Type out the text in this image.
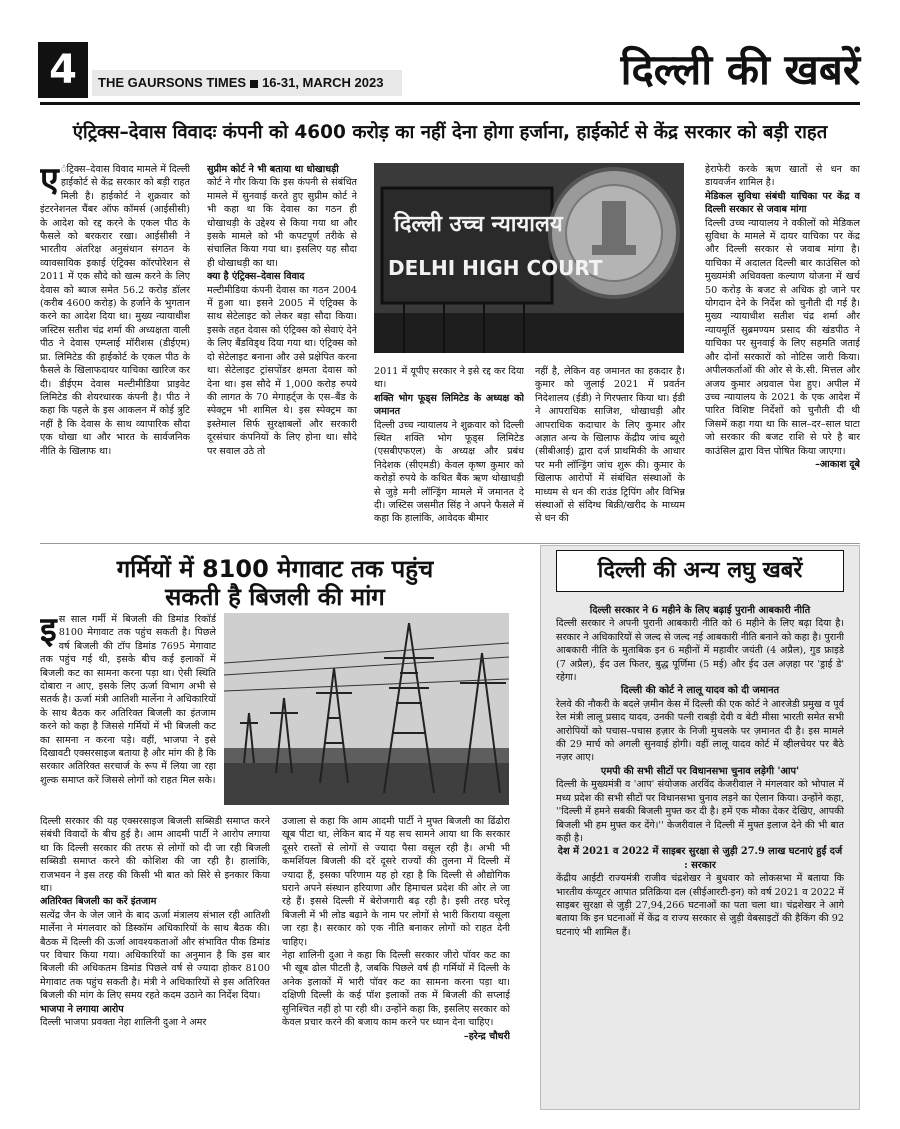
4	THE GAURSONS TIMES 16-31, MARCH 2023	दिल्ली की खबरें
एंट्रिक्स–देवास विवादः कंपनी को 4600 करोड़ का नहीं देना होगा हर्जाना, हाईकोर्ट से केंद्र सरकार को बड़ी राहत
ए ंट्रिक्स–देवास विवाद मामले में दिल्ली हाईकोर्ट से केंद्र सरकार को बड़ी राहत मिली है। हाईकोर्ट ने शुक्रवार को इंटरनेशनल चैंबर ऑफ कॉमर्स (आईसीसी) के आदेश को रद्द करने के एकल पीठ के फैसले को बरकरार रखा। आईसीसी ने भारतीय अंतरिक्ष अनुसंधान संगठन के व्यावसायिक इकाई एंट्रिक्स कॉरपोरेशन से 2011 में एक सौदे को खत्म करने के लिए देवास को ब्याज समेत 56.2 करोड़ डॉलर (करीब 4600 करोड़) के हर्जाने के भुगतान करने का आदेश दिया था। मुख्य न्यायाधीश जस्टिस सतीश चंद्र शर्मा की अध्यक्षता वाली पीठ ने देवास एम्प्लाई मॉरीशस (डीईएम) प्रा. लिमिटेड की हाईकोर्ट के एकल पीठ के फैसले के खिलाफदायर याचिका खारिज कर दी। डीईएम देवास मल्टीमीडिया प्राइवेट लिमिटेड की शेयरधारक कंपनी है। पीठ ने कहा कि पहले के इस आकलन में कोई त्रुटि नहीं है कि देवास के साथ व्यापारिक सौदा एक धोखा था और भारत के सार्वजनिक नीति के खिलाफ था।

सुप्रीम कोर्ट ने भी बताया था धोखाधड़ी

कोर्ट ने गौर किया कि इस कंपनी से संबंधित मामले में सुनवाई करते हुए सुप्रीम कोर्ट ने भी कहा था कि देवास का गठन ही धोखाधड़ी के उद्देश्य से किया गया था और इसके मामले को भी कपटपूर्ण तरीके से संचालित किया गया था। इसलिए यह सौदा ही धोखाधड़ी का था।

क्या है एंट्रिक्स–देवास विवाद

मल्टीमीडिया कंपनी देवास का गठन 2004 में हुआ था। इसने 2005 में एंट्रिक्स के साथ सेटेलाइट को लेकर बड़ा सौदा किया। इसके तहत देवास को एंट्रिक्स को सेवाएं देने के लिए बैंडविड्थ दिया गया था। एंट्रिक्स को दो सेटेलाइट बनाना और उसे प्रक्षेपित करना था। सेटेलाइट ट्रांसपोंडर क्षमता देवास को देना था। इस सौदे में 1,000 करोड़ रुपये की लागत के 70 मेगाहर्ट्ज के एस–बैंड के स्पेक्ट्रम भी शामिल थे। इस स्पेक्ट्रम का इस्तेमाल सिर्फ सुरक्षाबलों और सरकारी दूरसंचार कंपनियों के लिए होना था। सौदे पर सवाल उठे तो

दिल्ली उच्च न्यायालय
DELHI HIGH COURT

2011 में यूपीए सरकार ने इसे रद्द कर दिया था।

शक्ति भोग फूड्स लिमिटेड के अध्यक्ष को जमानत

दिल्ली उच्च न्यायालय ने शुक्रवार को दिल्ली स्थित शक्ति भोग फूड्स लिमिटेड (एसबीएफएल) के अध्यक्ष और प्रबंध निदेशक (सीएमडी) केवल कृष्ण कुमार को करोड़ों रुपये के कथित बैंक ऋण धोखाधड़ी से जुड़े मनी लॉन्ड्रिंग मामले में जमानत दे दी। जस्टिस जसमीत सिंह ने अपने फैसले में कहा कि हालांकि, आवेदक बीमार

नहीं है, लेकिन वह जमानत का हकदार है। कुमार को जुलाई 2021 में प्रवर्तन निदेशालय (ईडी) ने गिरफ्तार किया था। ईडी ने आपराधिक साजिश, धोखाधड़ी और आपराधिक कदाचार के लिए कुमार और अज्ञात अन्य के खिलाफ केंद्रीय जांच ब्यूरो (सीबीआई) द्वारा दर्ज प्राथमिकी के आधार पर मनी लॉन्ड्रिंग जांच शुरू की। कुमार के खिलाफ आरोपों में संबंधित संस्थाओं के माध्यम से धन की राउंड ट्रिपिंग और विभिन्न संस्थाओं से संदिग्ध बिक्री/खरीद के माध्यम से धन की

हेराफेरी करके ऋण खातों से धन का डायवर्जन शामिल है।

मेडिकल सुविधा संबंधी याचिका पर केंद्र व दिल्ली सरकार से जवाब मांगा

दिल्ली उच्च न्यायालय ने वकीलों को मेडिकल सुविधा के मामले में दायर याचिका पर केंद्र और दिल्ली सरकार से जवाब मांगा है। याचिका में अदालत दिल्ली बार काउंसिल को मुख्यमंत्री अधिवक्ता कल्याण योजना में खर्च 50 करोड़ के बजट से अधिक हो जाने पर योगदान देने के निर्देश को चुनौती दी गई है। मुख्य न्यायाधीश सतीश चंद्र शर्मा और न्यायमूर्ति सुब्रमण्यम प्रसाद की खंडपीठ ने याचिका पर सुनवाई के लिए सहमति जताई और दोनों सरकारों को नोटिस जारी किया। अपीलकर्ताओं की ओर से के.सी. मित्तल और अजय कुमार अग्रवाल पेश हुए। अपील में उच्च न्यायालय के 2021 के एक आदेश में पारित विशिष्ट निर्देशों को चुनौती दी थी जिसमें कहा गया था कि साल–दर–साल घाटा जो सरकार की बजट राशि से परे है बार काउंसिल द्वारा वित्त पोषित किया जाएगा।

–आकाश दूबे
गर्मियों में 8100 मेगावाट तक पहुंच
सकती है बिजली की मांग
इ स साल गर्मी में बिजली की डिमांड रिकॉर्ड 8100 मेगावाट तक पहुंच सकती है। पिछले वर्ष बिजली की टॉप डिमांड 7695 मेगावाट तक पहुंच गई थी, इसके बीच कई इलाकों में बिजली कट का सामना करना पड़ा था। ऐसी स्थिति दोबारा न आए, इसके लिए ऊर्जा विभाग अभी से सतर्क है। ऊर्जा मंत्री आतिशी मार्लेना ने अधिकारियों के साथ बैठक कर अतिरिक्त बिजली का इंतजाम करने को कहा है जिससे गर्मियों में भी बिजली कट का सामना न करना पड़े। वहीं, भाजपा ने इसे दिखावटी एक्सरसाइज बताया है और मांग की है कि सरकार अतिरिक्त सरचार्ज के रूप में लिया जा रहा शुल्क समाप्त करें जिससे लोगों को राहत मिल सके।

दिल्ली सरकार की यह एक्सरसाइज बिजली सब्सिडी समाप्त करने संबंधी विवादों के बीच हुई है। आम आदमी पार्टी ने आरोप लगाया था कि दिल्ली सरकार की तरफ से लोगों को दी जा रही बिजली सब्सिडी समाप्त करने की कोशिश की जा रही है। हालांकि, राजभवन ने इस तरह की किसी भी बात को सिरे से इनकार किया था।

अतिरिक्त बिजली का करें इंतजाम

सत्येंद्र जैन के जेल जाने के बाद ऊर्जा मंत्रालय संभाल रही आतिशी मार्लेना ने मंगलवार को डिस्कॉम अधिकारियों के साथ बैठक की। बैठक में दिल्ली की ऊर्जा आवश्यकताओं और संभावित पीक डिमांड पर विचार किया गया। अधिकारियों का अनुमान है कि इस बार बिजली की अधिकतम डिमांड पिछले वर्ष से ज्यादा होकर 8100 मेगावाट तक पहुंच सकती है। मंत्री ने अधिकारियों से इस अतिरिक्त बिजली की मांग के लिए समय रहते कदम उठाने का निर्देश दिया।

भाजपा ने लगाया आरोप

दिल्ली भाजपा प्रवक्ता नेहा शालिनी दुआ ने अमर

उजाला से कहा कि आम आदमी पार्टी ने मुफ्त बिजली का ढिंढोरा खूब पीटा था, लेकिन बाद में यह सच सामने आया था कि सरकार दूसरे रास्तों से लोगों से ज्यादा पैसा वसूल रही है। अभी भी कमर्शियल बिजली की दरें दूसरे राज्यों की तुलना में दिल्ली में ज्यादा हैं, इसका परिणाम यह हो रहा है कि दिल्ली से औद्योगिक घराने अपने संस्थान हरियाणा और हिमाचल प्रदेश की ओर ले जा रहे हैं। इससे दिल्ली में बेरोजगारी बढ़ रही है। इसी तरह घरेलू बिजली में भी लोड बढ़ाने के नाम पर लोगों से भारी किराया वसूला जा रहा है। सरकार को एक नीति बनाकर लोगों को राहत देनी चाहिए।

नेहा शालिनी दुआ ने कहा कि दिल्ली सरकार जीरो पॉवर कट का भी खूब ढोल पीटती है, जबकि पिछले वर्ष ही गर्मियों में दिल्ली के अनेक इलाकों में भारी पॉवर कट का सामना करना पड़ा था। दक्षिणी दिल्ली के कई पॉश इलाकों तक में बिजली की सप्लाई सुनिश्चित नहीं हो पा रही थी। उन्होंने कहा कि, इसलिए सरकार को केवल प्रचार करने की बजाय काम करने पर ध्यान देना चाहिए।

–हरेन्द्र चौधरी
दिल्ली की अन्य लघु खबरें
दिल्ली सरकार ने 6 महीने के लिए बढ़ाई पुरानी आबकारी नीति

दिल्ली सरकार ने अपनी पुरानी आबकारी नीति को 6 महीने के लिए बढ़ा दिया है। सरकार ने अधिकारियों से जल्द से जल्द नई आबकारी नीति बनाने को कहा है। पुरानी आबकारी नीति के मुताबिक इन 6 महीनों में महावीर जयंती (4 अप्रैल), गुड फ्राइडे (7 अप्रैल), ईद उल फितर, बुद्ध पूर्णिमा (5 मई) और ईद उल अज़हा पर 'ड्राई डे' रहेगा।

दिल्ली की कोर्ट ने लालू यादव को दी जमानत

रेलवे की नौकरी के बदले ज़मीन केस में दिल्ली की एक कोर्ट ने आरजेडी प्रमुख व पूर्व रेल मंत्री लालू प्रसाद यादव, उनकी पत्नी राबड़ी देवी व बेटी मीसा भारती समेत सभी आरोपियों को पचास–पचास हज़ार के निजी मुचलके पर ज़मानत दी है। इस मामले की 29 मार्च को अगली सुनवाई होगी। वहीं लालू यादव कोर्ट में व्हीलचेयर पर बैठे नज़र आए।

एमपी की सभी सीटों पर विधानसभा चुनाव लड़ेगी 'आप'

दिल्ली के मुख्यमंत्री व 'आप' संयोजक अरविंद केजरीवाल ने मंगलवार को भोपाल में मध्य प्रदेश की सभी सीटों पर विधानसभा चुनाव लड़ने का ऐलान किया। उन्होंने कहा, ''दिल्ली में हमने सबकी बिजली मुफ्त कर दी है। हमें एक मौका देकर देखिए, आपकी बिजली भी हम मुफ्त कर देंगे।'' केजरीवाल ने दिल्ली में मुफ्त इलाज देने की भी बात कही है।

देश में 2021 व 2022 में साइबर सुरक्षा से जुड़ी 27.9 लाख घटनाएं हुईं दर्ज : सरकार

केंद्रीय आईटी राज्यमंत्री राजीव चंद्रशेखर ने बुधवार को लोकसभा में बताया कि भारतीय कंप्यूटर आपात प्रतिक्रिया दल (सीईआरटी-इन) को वर्ष 2021 व 2022 में साइबर सुरक्षा से जुड़ी 27,94,266 घटनाओं का पता चला था। चंद्रशेखर ने आगे बताया कि इन घटनाओं में केंद्र व राज्य सरकार से जुड़ी वेबसाइटों की हैकिंग की 92 घटनाएं भी शामिल हैं।
